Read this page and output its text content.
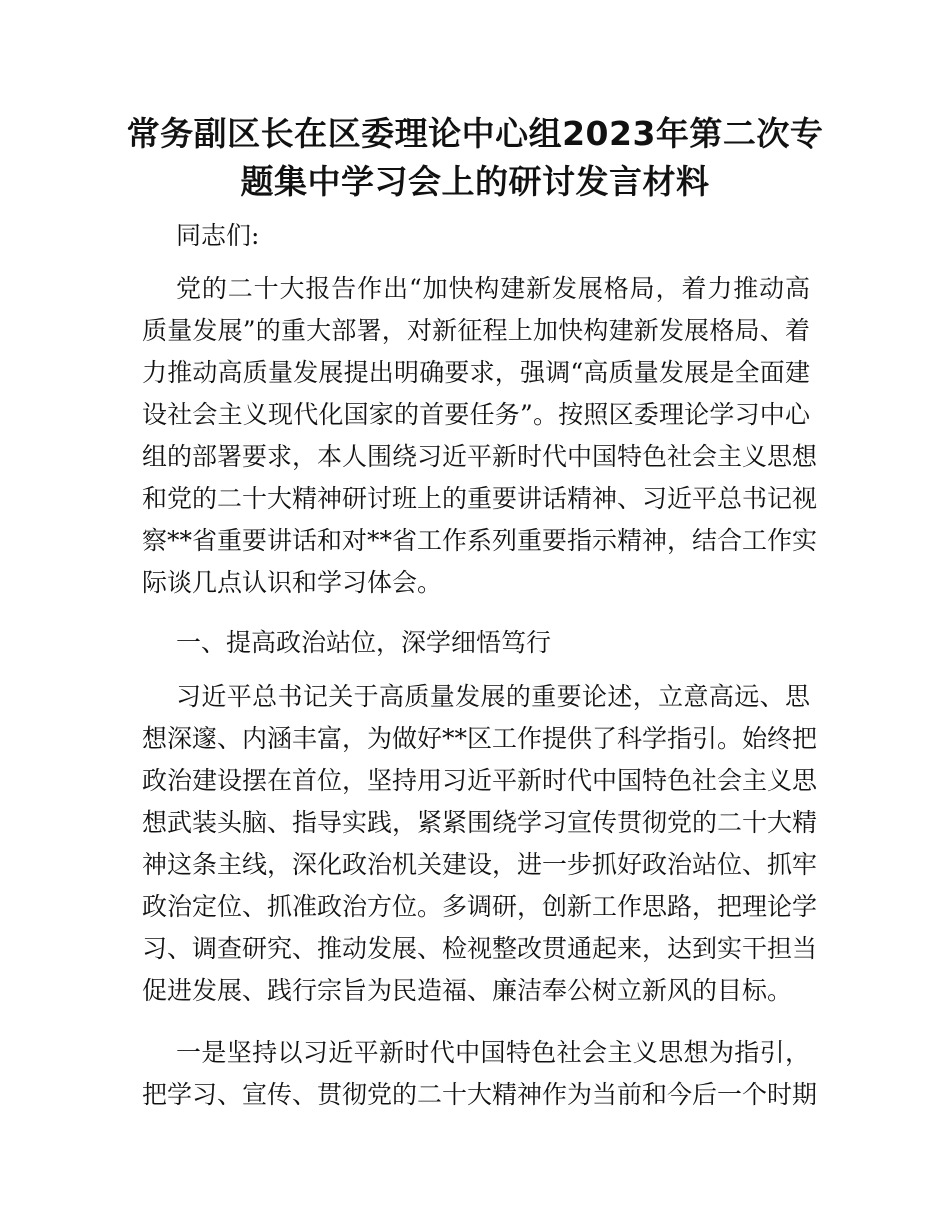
常务副区长在区委理论中心组2023年第二次专
题集中学习会上的研讨发言材料

同志们:

党的二十大报告作出“加快构建新发展格局，着力推动高

质量发展”的重大部署，对新征程上加快构建新发展格局、着

力推动高质量发展提出明确要求，强调“高质量发展是全面建

设社会主义现代化国家的首要任务”。按照区委理论学习中心

组的部署要求，本人围绕习近平新时代中国特色社会主义思想

和党的二十大精神研讨班上的重要讲话精神、习近平总书记视

察**省重要讲话和对**省工作系列重要指示精神，结合工作实

际谈几点认识和学习体会。

一、提高政治站位，深学细悟笃行

习近平总书记关于高质量发展的重要论述，立意高远、思

想深邃、内涵丰富，为做好**区工作提供了科学指引。始终把

政治建设摆在首位，坚持用习近平新时代中国特色社会主义思

想武装头脑、指导实践，紧紧围绕学习宣传贯彻党的二十大精

神这条主线，深化政治机关建设，进一步抓好政治站位、抓牢

政治定位、抓准政治方位。多调研，创新工作思路，把理论学

习、调查研究、推动发展、检视整改贯通起来，达到实干担当

促进发展、践行宗旨为民造福、廉洁奉公树立新风的目标。

一是坚持以习近平新时代中国特色社会主义思想为指引，

把学习、宣传、贯彻党的二十大精神作为当前和今后一个时期
